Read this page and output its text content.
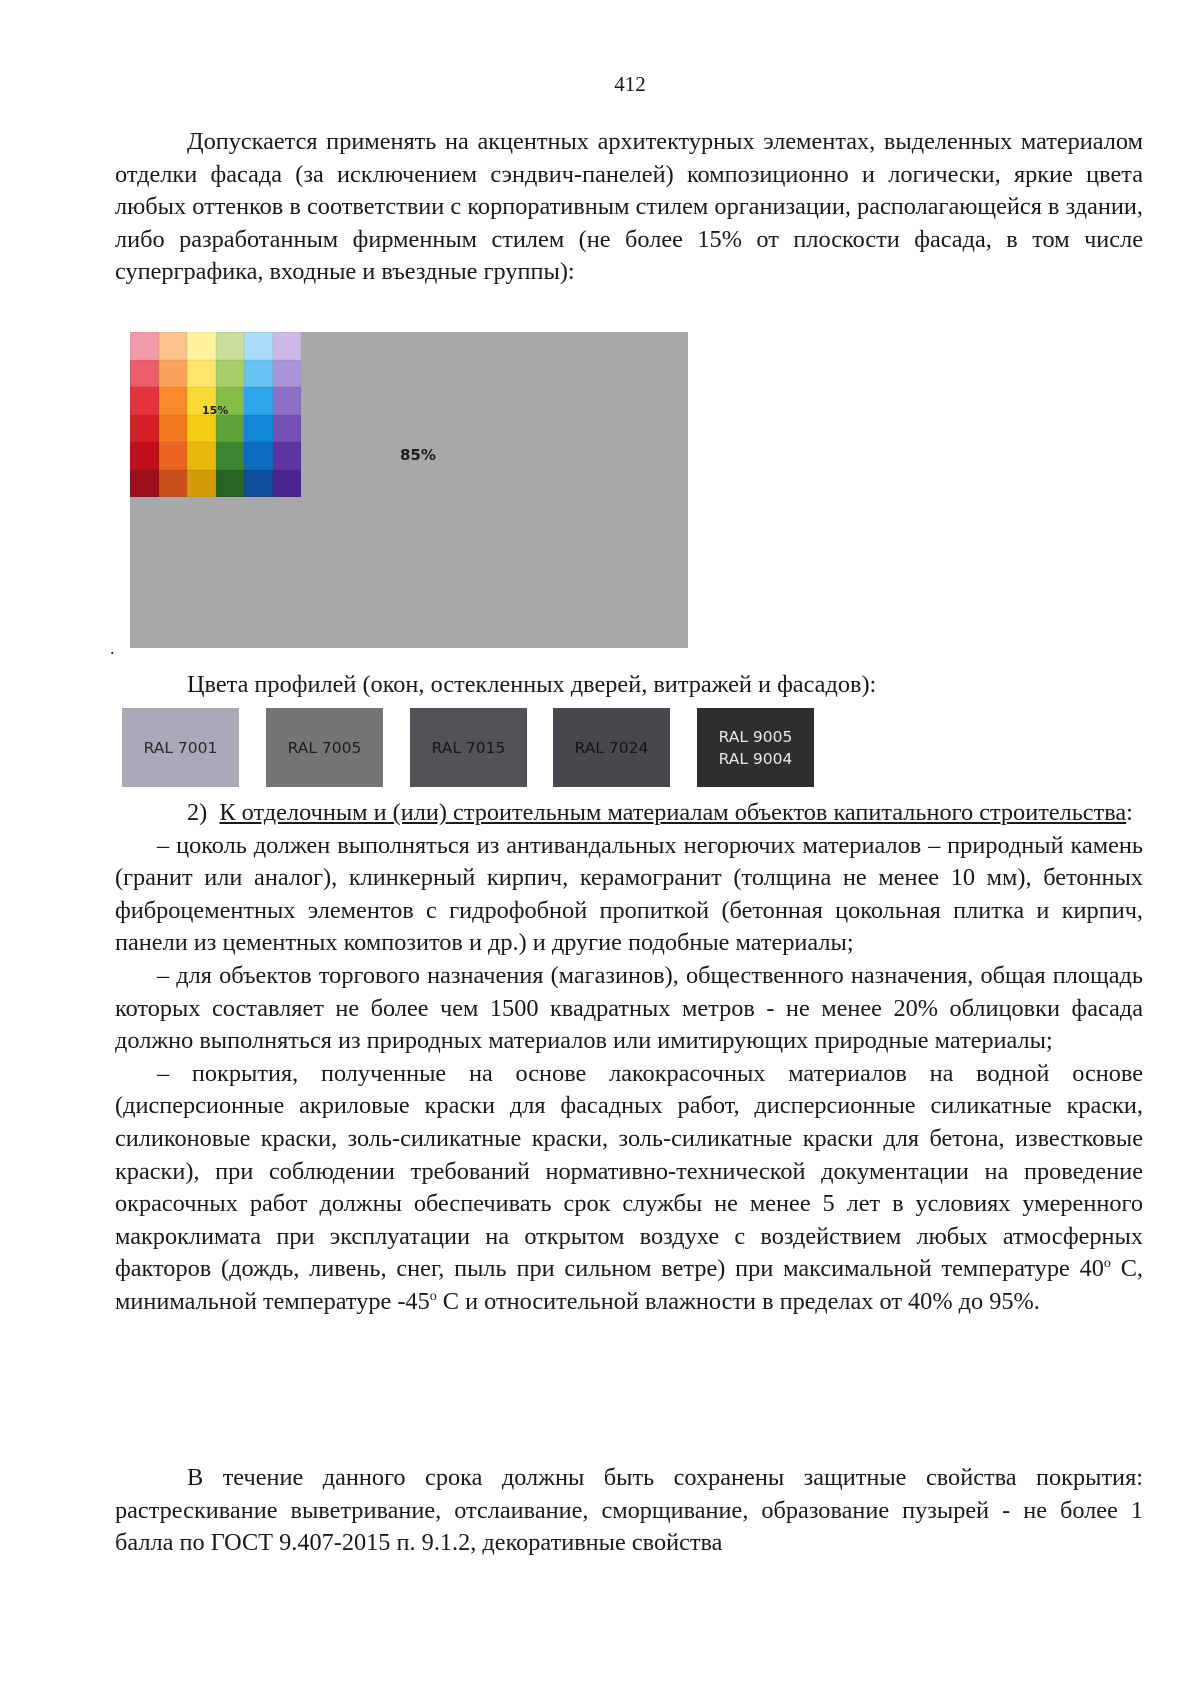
412
Допускается применять на акцентных архитектурных элементах, выделенных материалом отделки фасада (за исключением сэндвич-панелей) композиционно и логически, яркие цвета любых оттенков в соответствии с корпоративным стилем организации, располагающейся в здании, либо разработанным фирменным стилем (не более 15% от плоскости фасада, в том числе суперграфика, входные и въездные группы):
15%
85%
.
Цвета профилей (окон, остекленных дверей, витражей и фасадов):
RAL 7001	RAL 7005	RAL 7015	RAL 7024
RAL 9005
RAL 9004
2) К отделочным и (или) строительным материалам объектов капитального строительства:
– цоколь должен выполняться из антивандальных негорючих материалов – природный камень (гранит или аналог), клинкерный кирпич, керамогранит (толщина не менее 10 мм), бетонных фиброцементных элементов с гидрофобной пропиткой (бетонная цокольная плитка и кирпич, панели из цементных композитов и др.) и другие подобные материалы;
– для объектов торгового назначения (магазинов), общественного назначения, общая площадь которых составляет не более чем 1500 квадратных метров - не менее 20% облицовки фасада должно выполняться из природных материалов или имитирующих природные материалы;
– покрытия, полученные на основе лакокрасочных материалов на водной основе (дисперсионные акриловые краски для фасадных работ, дисперсионные силикатные краски, силиконовые краски, золь-силикатные краски, золь-силикатные краски для бетона, известковые краски), при соблюдении требований нормативно-технической документации на проведение окрасочных работ должны обеспечивать срок службы не менее 5 лет в условиях умеренного макроклимата при эксплуатации на открытом воздухе с воздействием любых атмосферных факторов (дождь, ливень, снег, пыль при сильном ветре) при максимальной температуре 40$^o$ С, минимальной температуре -45$^o$ С и относительной влажности в пределах от 40% до 95%.
В течение данного срока должны быть сохранены защитные свойства покрытия: растрескивание выветривание, отслаивание, сморщивание, образование пузырей - не более 1 балла по ГОСТ 9.407-2015 п. 9.1.2, декоративные свойства
